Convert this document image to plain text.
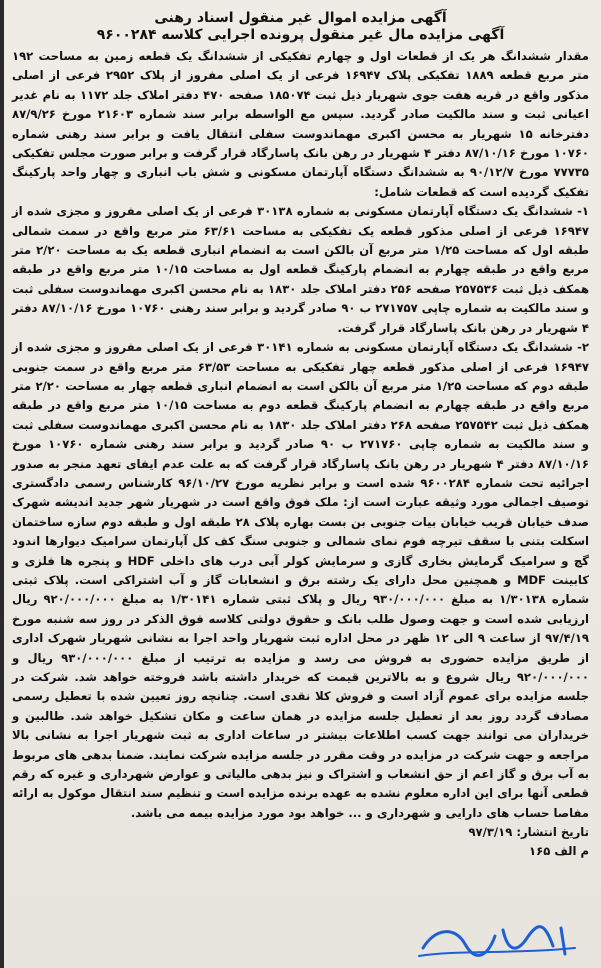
آگهی مزایده اموال غیر منقول اسناد رهنی
آگهی مزایده مال غیر منقول پرونده اجرایی کلاسه ۹۶۰۰۲۸۴

مقدار ششدانگ هر یک از قطعات اول و چهارم تفکیکی از ششدانگ یک قطعه زمین به مساحت ۱۹۲ متر مربع قطعه ۱۸۸۹ تفکیکی پلاک ۱۶۹۴۷ فرعی از یک اصلی مفروز از پلاک ۲۹۵۲ فرعی از اصلی مذکور واقع در قریه هفت جوی شهریار ذیل ثبت ۱۸۵۰۷۴ صفحه ۴۷۰ دفتر املاک جلد ۱۱۷۲ به نام غدیر اعیانی ثبت و سند مالکیت صادر گردید. سپس مع الواسطه برابر سند شماره ۲۱۶۰۳ مورخ ۸۷/۹/۲۶ دفترخانه ۱۵ شهریار به محسن اکبری مهماندوست سفلی انتقال یافت و برابر سند رهنی شماره ۱۰۷۶۰ مورخ ۸۷/۱۰/۱۶ دفتر ۴ شهریار در رهن بانک پاسارگاد قرار گرفت و برابر صورت مجلس تفکیکی ۷۷۷۳۵ مورخ ۹۰/۱۲/۷ به ششدانگ دستگاه آپارتمان مسکونی و شش باب انباری و چهار واحد پارکینگ تفکیک گردیده است که قطعات شامل:

۱- ششدانگ یک دستگاه آپارتمان مسکونی به شماره ۳۰۱۳۸ فرعی از یک اصلی مفروز و مجزی شده از ۱۶۹۴۷ فرعی از اصلی مذکور قطعه یک تفکیکی به مساحت ۶۳/۶۱ متر مربع واقع در سمت شمالی طبقه اول که مساحت ۱/۲۵ متر مربع آن بالکن است به انضمام انباری قطعه یک به مساحت ۲/۲۰ متر مربع واقع در طبقه چهارم به انضمام پارکینگ قطعه اول به مساحت ۱۰/۱۵ متر مربع واقع در طبقه همکف ذیل ثبت ۲۵۷۵۳۶ صفحه ۲۵۶ دفتر املاک جلد ۱۸۳۰ به نام محسن اکبری مهماندوست سفلی ثبت و سند مالکیت به شماره چاپی ۲۷۱۷۵۷ ب ۹۰ صادر گردید و برابر سند رهنی ۱۰۷۶۰ مورخ ۸۷/۱۰/۱۶ دفتر ۴ شهریار در رهن بانک پاسارگاد قرار گرفت.

۲- ششدانگ یک دستگاه آپارتمان مسکونی به شماره ۳۰۱۴۱ فرعی از یک اصلی مفروز و مجزی شده از ۱۶۹۴۷ فرعی از اصلی مذکور قطعه چهار تفکیکی به مساحت ۶۳/۵۳ متر مربع واقع در سمت جنوبی طبقه دوم که مساحت ۱/۲۵ متر مربع آن بالکن است به انضمام انباری قطعه چهار به مساحت ۲/۲۰ متر مربع واقع در طبقه چهارم به انضمام پارکینگ قطعه دوم به مساحت ۱۰/۱۵ متر مربع واقع در طبقه همکف ذیل ثبت ۲۵۷۵۴۲ صفحه ۲۶۸ دفتر املاک جلد ۱۸۳۰ به نام محسن اکبری مهماندوست سفلی ثبت و سند مالکیت به شماره چاپی ۲۷۱۷۶۰ ب ۹۰ صادر گردید و برابر سند رهنی شماره ۱۰۷۶۰ مورخ ۸۷/۱۰/۱۶ دفتر ۴ شهریار در رهن بانک پاسارگاد قرار گرفت که به علت عدم ایفای تعهد منجر به صدور اجرائیه تحت شماره ۹۶۰۰۲۸۴ شده است و برابر نظریه مورخ ۹۶/۱۰/۲۷ کارشناس رسمی دادگستری توصیف اجمالی مورد وثیقه عبارت است از: ملک فوق واقع است در شهریار شهر جدید اندیشه شهرک صدف خیابان قریب خیابان بیات جنوبی بن بست بهاره پلاک ۲۸ طبقه اول و طبقه دوم سازه ساختمان اسکلت بتنی با سقف تیرچه فوم نمای شمالی و جنوبی سنگ کف کل آپارتمان سرامیک دیوارها اندود گچ و سرامیک گرمایش بخاری گازی و سرمایش کولر آبی درب های داخلی HDF و پنجره ها فلزی و کابینت MDF و همچنین محل دارای یک رشته برق و انشعابات گاز و آب اشتراکی است. پلاک ثبتی شماره ۱/۳۰۱۳۸ به مبلغ ۹۳۰/۰۰۰/۰۰۰ ریال و پلاک ثبتی شماره ۱/۳۰۱۴۱ به مبلغ ۹۲۰/۰۰۰/۰۰۰ ریال ارزیابی شده است و جهت وصول طلب بانک و حقوق دولتی کلاسه فوق الذکر در روز سه شنبه مورخ ۹۷/۴/۱۹ از ساعت ۹ الی ۱۲ ظهر در محل اداره ثبت شهریار واحد اجرا به نشانی شهریار شهرک اداری از طریق مزایده حضوری به فروش می رسد و مزایده به ترتیب از مبلغ ۹۳۰/۰۰۰/۰۰۰ ریال و ۹۲۰/۰۰۰/۰۰۰ ریال شروع و به بالاترین قیمت که خریدار داشته باشد فروخته خواهد شد. شرکت در جلسه مزایده برای عموم آزاد است و فروش کلا نقدی است. چنانچه روز تعیین شده با تعطیل رسمی مصادف گردد روز بعد از تعطیل جلسه مزایده در همان ساعت و مکان تشکیل خواهد شد. طالبین و خریداران می توانند جهت کسب اطلاعات بیشتر در ساعات اداری به ثبت شهریار اجرا به نشانی بالا مراجعه و جهت شرکت در مزایده در وقت مقرر در جلسه مزایده شرکت نمایند. ضمنا بدهی های مربوط به آب برق و گاز اعم از حق انشعاب و اشتراک و نیز بدهی مالیاتی و عوارض شهرداری و غیره که رقم قطعی آنها برای این اداره معلوم نشده به عهده برنده مزایده است و تنظیم سند انتقال موکول به ارائه مفاصا حساب های دارایی و شهرداری و ... خواهد بود مورد مزایده بیمه می باشد.

تاریخ انتشار: ۹۷/۳/۱۹

م الف ۱۶۵
